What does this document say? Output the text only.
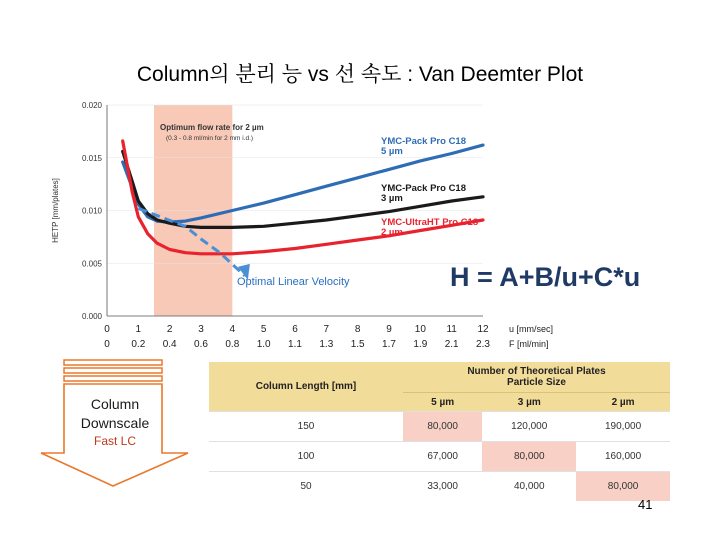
Column의 분리 능 vs 선 속도 : Van Deemter Plot
Optimum flow rate for 2 µm
(0.3 - 0.8 ml/min for 2 mm i.d.)
0.000
0.005
0.010
0.015
0.020
HETP [mm/plates]
0	1	2	3	4	5	6	7	8	9 10 11 12
0 0.2 0.4 0.6 0.8 1.0 1.1 1.3 1.5 1.7 1.9 2.1 2.3
u [mm/sec]
F [ml/min]
YMC-Pack Pro C18
5 µm
YMC-Pack Pro C18
3 µm
YMC-UltraHT Pro C18
2 µm
Optimal Linear Velocity	H = A+B/u+C*u
Column
Downscale
Fast LC
Column Length [mm]	Number of Theoretical Plates
Particle Size		
	5 µm	3 µm	2 µm
150	80,000	120,000	190,000
100	67,000	80,000	160,000
50	33,000	40,000	80,000
41
